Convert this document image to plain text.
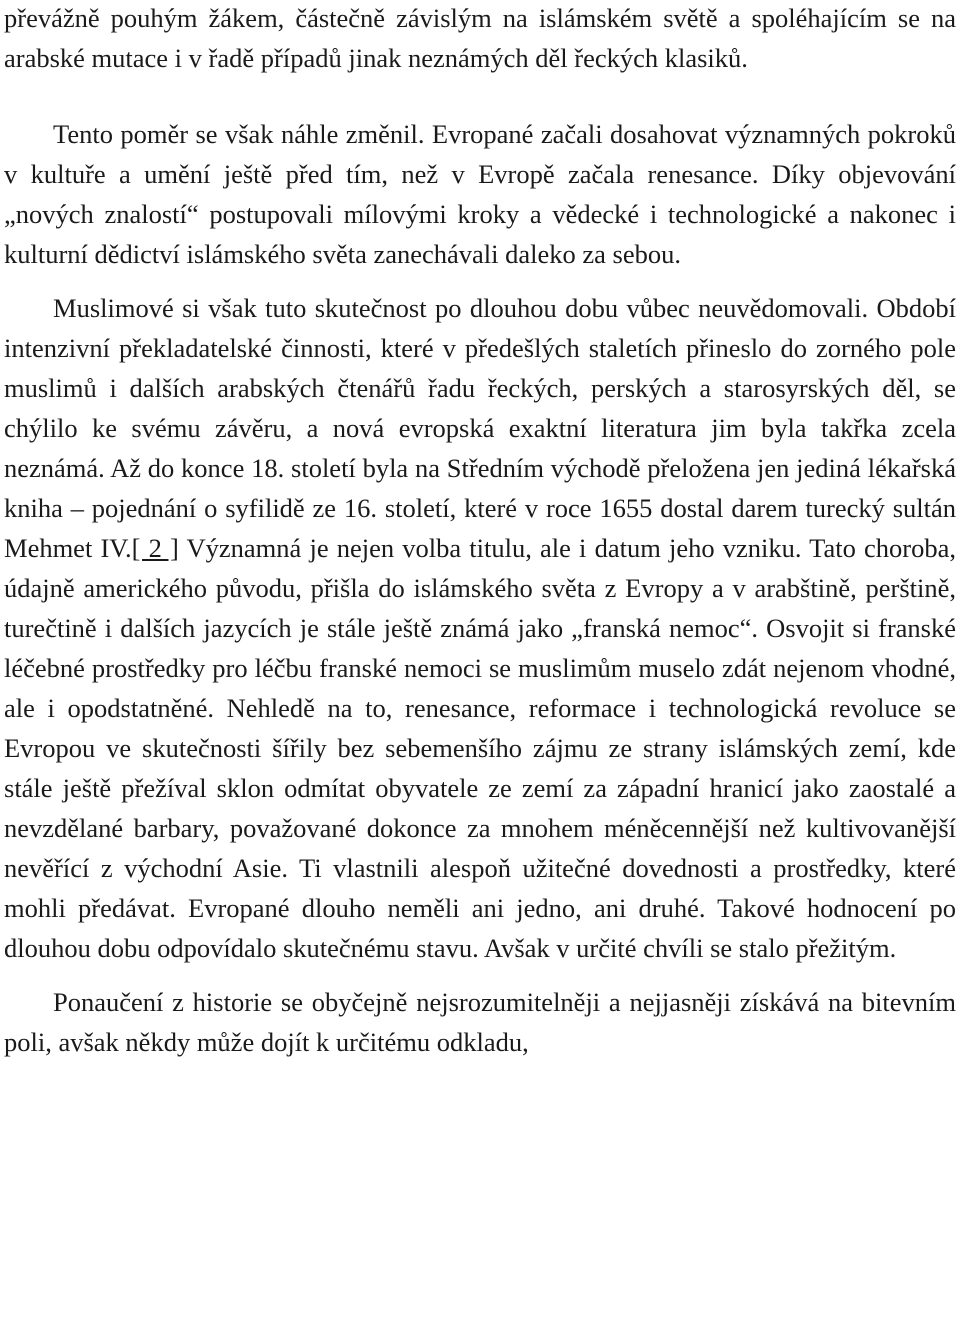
převážně pouhým žákem, částečně závislým na islámském světě a spoléhajícím se na arabské mutace i v řadě případů jinak neznámých děl řeckých klasiků.

Tento poměr se však náhle změnil. Evropané začali dosahovat významných pokroků v kultuře a umění ještě před tím, než v Evropě začala renesance. Díky objevování „nových znalostí“ postupovali mílovými kroky a vědecké i technologické a nakonec i kulturní dědictví islámského světa zanechávali daleko za sebou.

Muslimové si však tuto skutečnost po dlouhou dobu vůbec neuvědomovali. Období intenzivní překladatelské činnosti, které v předešlých staletích přineslo do zorného pole muslimů i dalších arabských čtenářů řadu řeckých, perských a starosyrských děl, se chýlilo ke svému závěru, a nová evropská exaktní literatura jim byla takřka zcela neznámá. Až do konce 18. století byla na Středním východě přeložena jen jediná lékařská kniha – pojednání o syfilidě ze 16. století, které v roce 1655 dostal darem turecký sultán Mehmet IV.[ 2 ] Významná je nejen volba titulu, ale i datum jeho vzniku. Tato choroba, údajně amerického původu, přišla do islámského světa z Evropy a v arabštině, perštině, turečtině i dalších jazycích je stále ještě známá jako „franská nemoc“. Osvojit si franské léčebné prostředky pro léčbu franské nemoci se muslimům muselo zdát nejenom vhodné, ale i opodstatněné. Nehledě na to, renesance, reformace i technologická revoluce se Evropou ve skutečnosti šířily bez sebemenšího zájmu ze strany islámských zemí, kde stále ještě přežíval sklon odmítat obyvatele ze zemí za západní hranicí jako zaostalé a nevzdělané barbary, považované dokonce za mnohem méněcennější než kultivovanější nevěřící z východní Asie. Ti vlastnili alespoň užitečné dovednosti a prostředky, které mohli předávat. Evropané dlouho neměli ani jedno, ani druhé. Takové hodnocení po dlouhou dobu odpovídalo skutečnému stavu. Avšak v určité chvíli se stalo přežitým.

Ponaučení z historie se obyčejně nejsrozumitelněji a nejjasněji získává na bitevním poli, avšak někdy může dojít k určitému odkladu,
